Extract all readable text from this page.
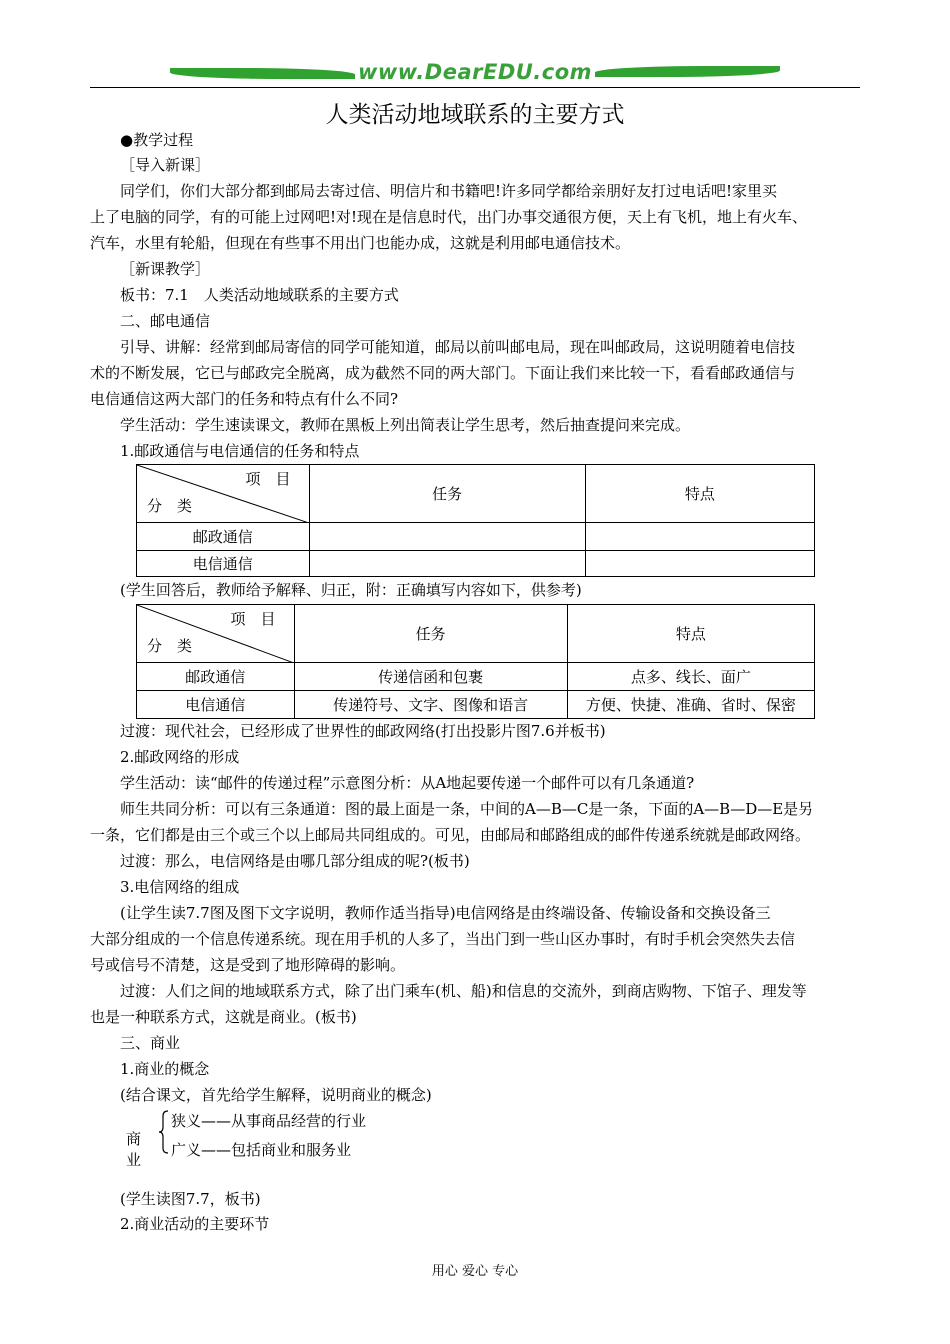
www.DearEDU.com
人类活动地域联系的主要方式
●教学过程
［导入新课］
同学们，你们大部分都到邮局去寄过信、明信片和书籍吧!许多同学都给亲朋好友打过电话吧!家里买
上了电脑的同学，有的可能上过网吧!对!现在是信息时代，出门办事交通很方便，天上有飞机，地上有火车、
汽车，水里有轮船，但现在有些事不用出门也能办成，这就是利用邮电通信技术。
［新课教学］
板书：7.1　人类活动地域联系的主要方式
二、邮电通信
引导、讲解：经常到邮局寄信的同学可能知道，邮局以前叫邮电局，现在叫邮政局，这说明随着电信技
术的不断发展，它已与邮政完全脱离，成为截然不同的两大部门。下面让我们来比较一下，看看邮政通信与
电信通信这两大部门的任务和特点有什么不同?
学生活动：学生速读课文，教师在黑板上列出简表让学生思考，然后抽查提问来完成。
1.邮政通信与电信通信的任务和特点
项　目
分　类	任务	特点
邮政通信		
电信通信		
(学生回答后，教师给予解释、归正，附：正确填写内容如下，供参考)
项　目
分　类	任务	特点
邮政通信	传递信函和包裹	点多、线长、面广
电信通信	传递符号、文字、图像和语言	方便、快捷、准确、省时、保密
过渡：现代社会，已经形成了世界性的邮政网络(打出投影片图7.6并板书)
2.邮政网络的形成
学生活动：读“邮件的传递过程”示意图分析：从A地起要传递一个邮件可以有几条通道?
师生共同分析：可以有三条通道：图的最上面是一条，中间的A—B—C是一条，下面的A—B—D—E是另
一条，它们都是由三个或三个以上邮局共同组成的。可见，由邮局和邮路组成的邮件传递系统就是邮政网络。
过渡：那么，电信网络是由哪几部分组成的呢?(板书)
3.电信网络的组成
(让学生读7.7图及图下文字说明，教师作适当指导)电信网络是由终端设备、传输设备和交换设备三
大部分组成的一个信息传递系统。现在用手机的人多了，当出门到一些山区办事时，有时手机会突然失去信
号或信号不清楚，这是受到了地形障碍的影响。
过渡：人们之间的地域联系方式，除了出门乘车(机、船)和信息的交流外，到商店购物、下馆子、理发等
也是一种联系方式，这就是商业。(板书)
三、商业
1.商业的概念
(结合课文，首先给学生解释，说明商业的概念)
商业
狭义——从事商品经营的行业
广义——包括商业和服务业
(学生读图7.7，板书)
2.商业活动的主要环节
用心 爱心 专心
